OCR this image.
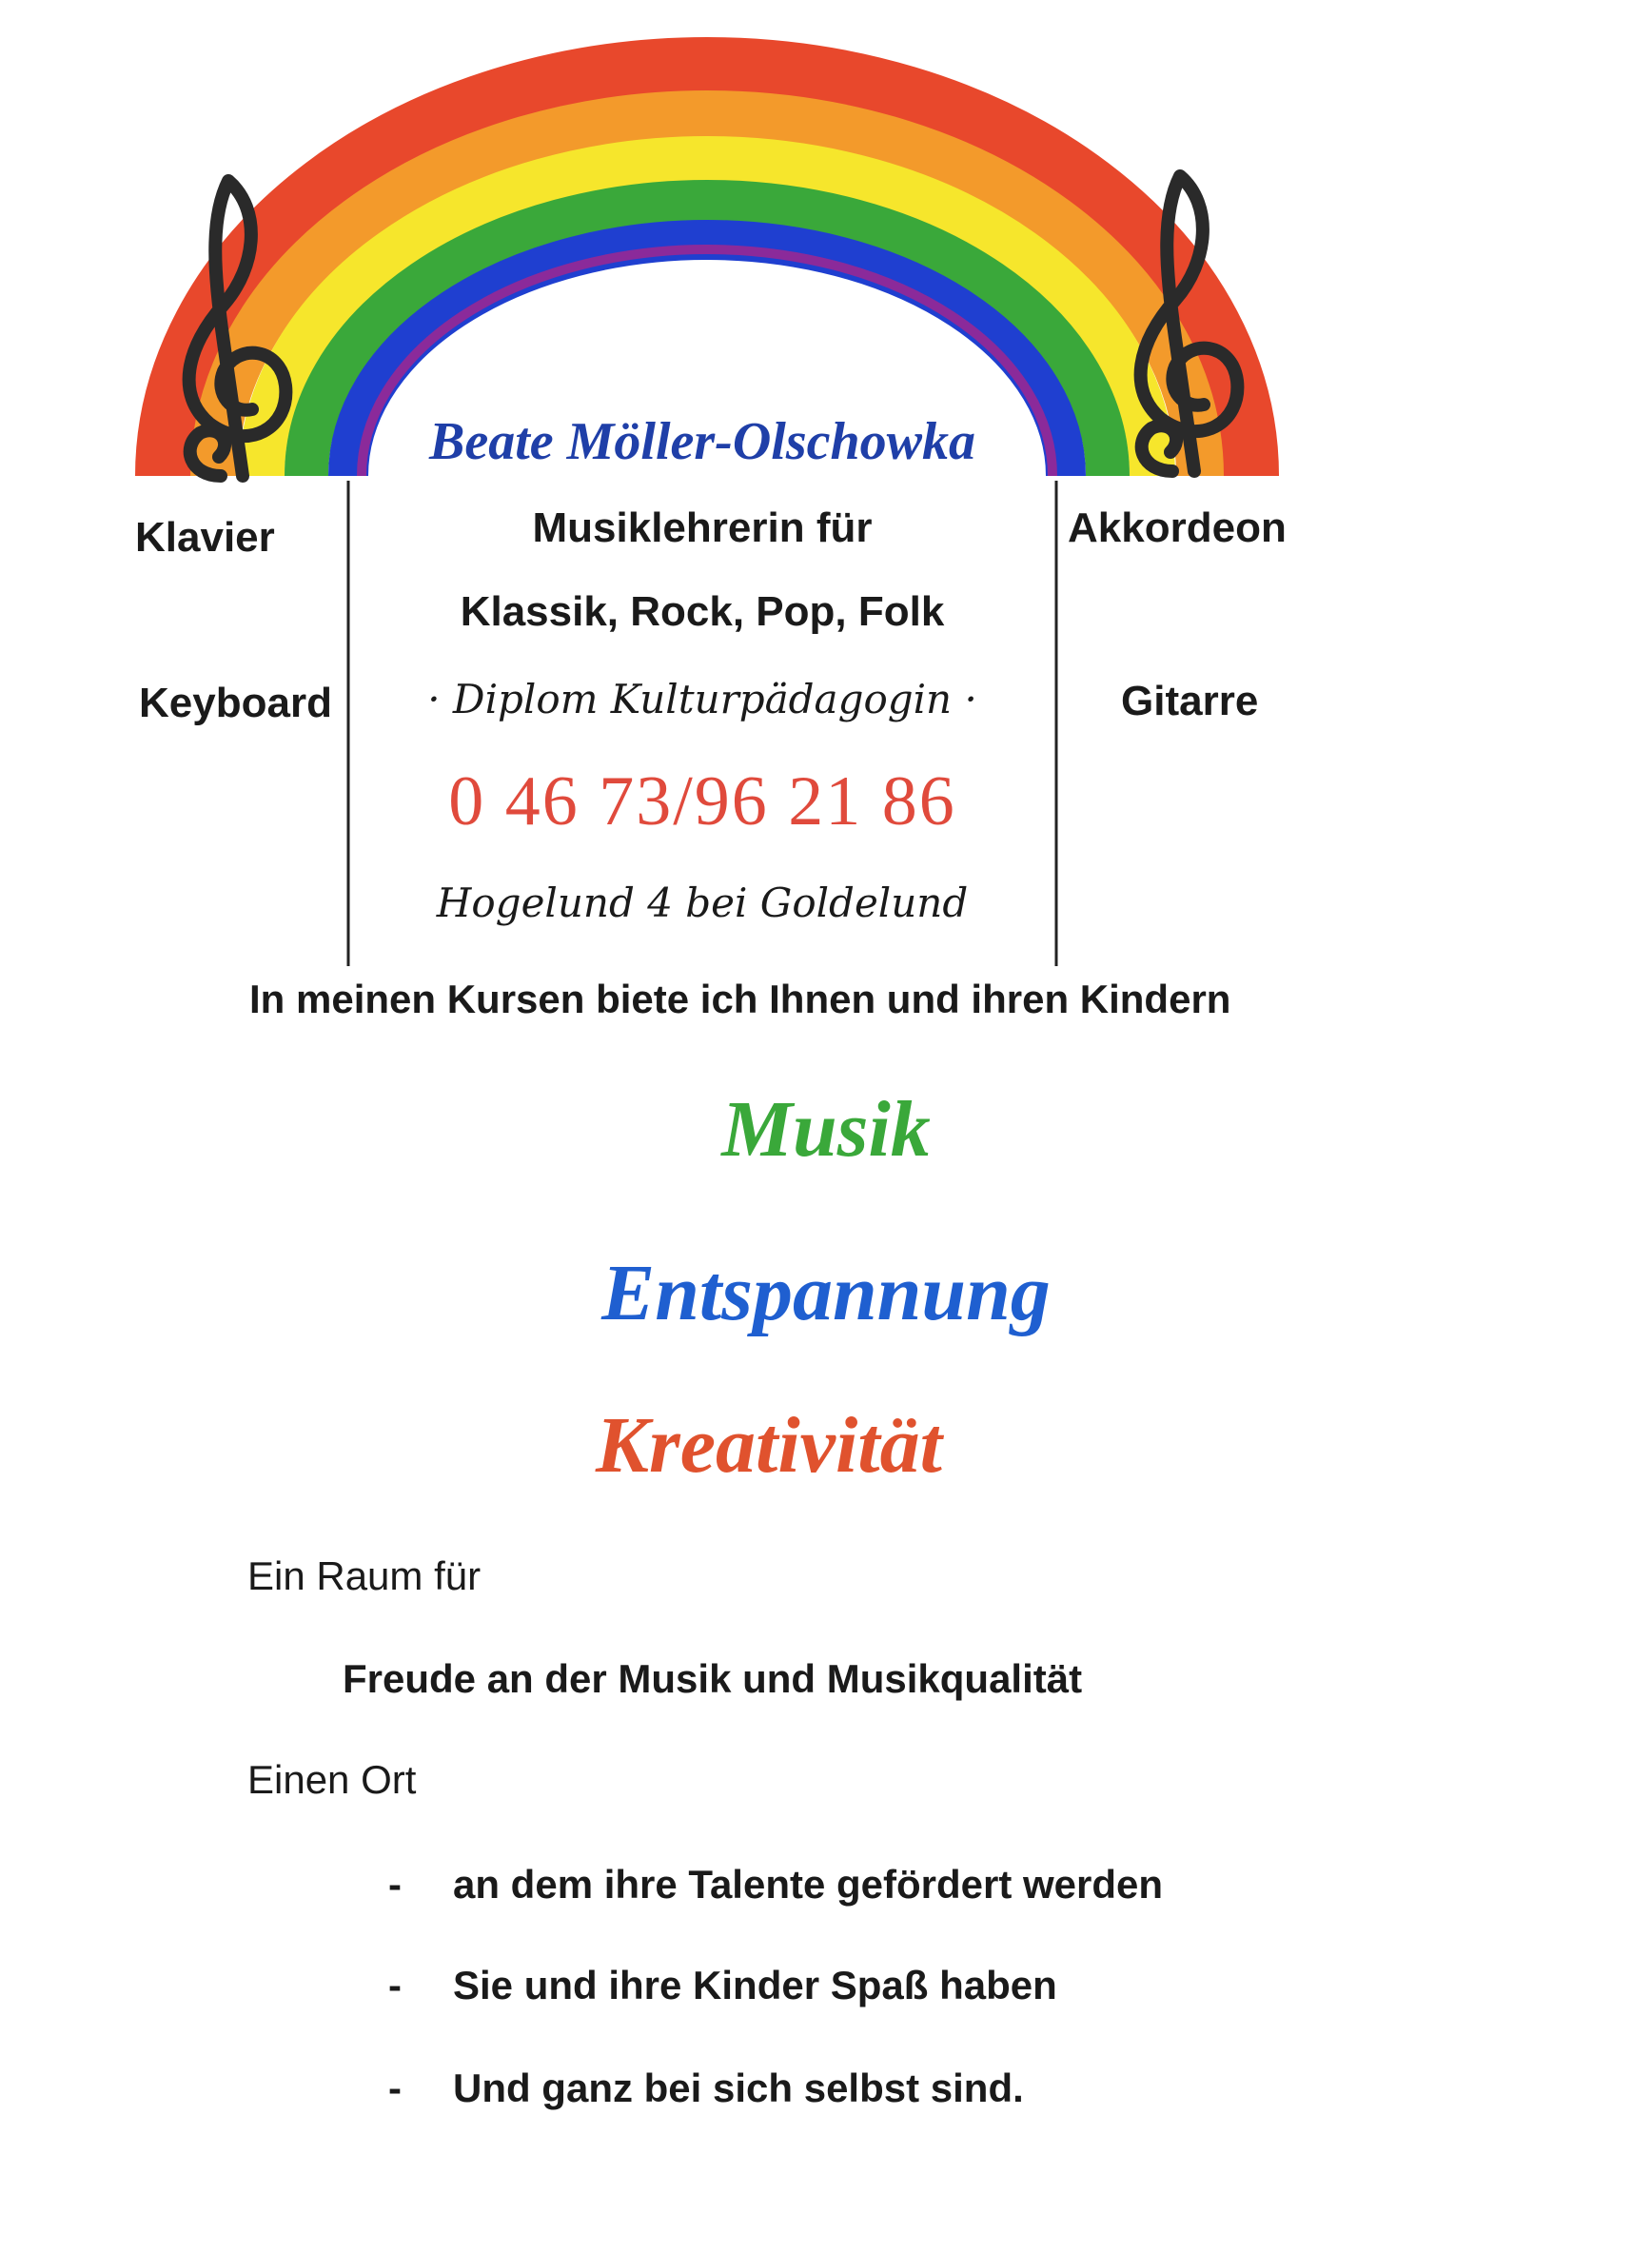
Beate Möller-Olschowka
Musiklehrerin für
Klassik, Rock, Pop, Folk
· Diplom Kulturpädagogin ·
0 46 73/96 21 86
Hogelund 4 bei Goldelund
Klavier
Keyboard
Akkordeon
Gitarre
In meinen Kursen biete ich Ihnen und ihren Kindern
Musik
Entspannung
Kreativität
Ein Raum für
Freude an der Musik und Musikqualität
Einen Ort
- an dem ihre Talente gefördert werden
- Sie und ihre Kinder Spaß haben
- Und ganz bei sich selbst sind.
